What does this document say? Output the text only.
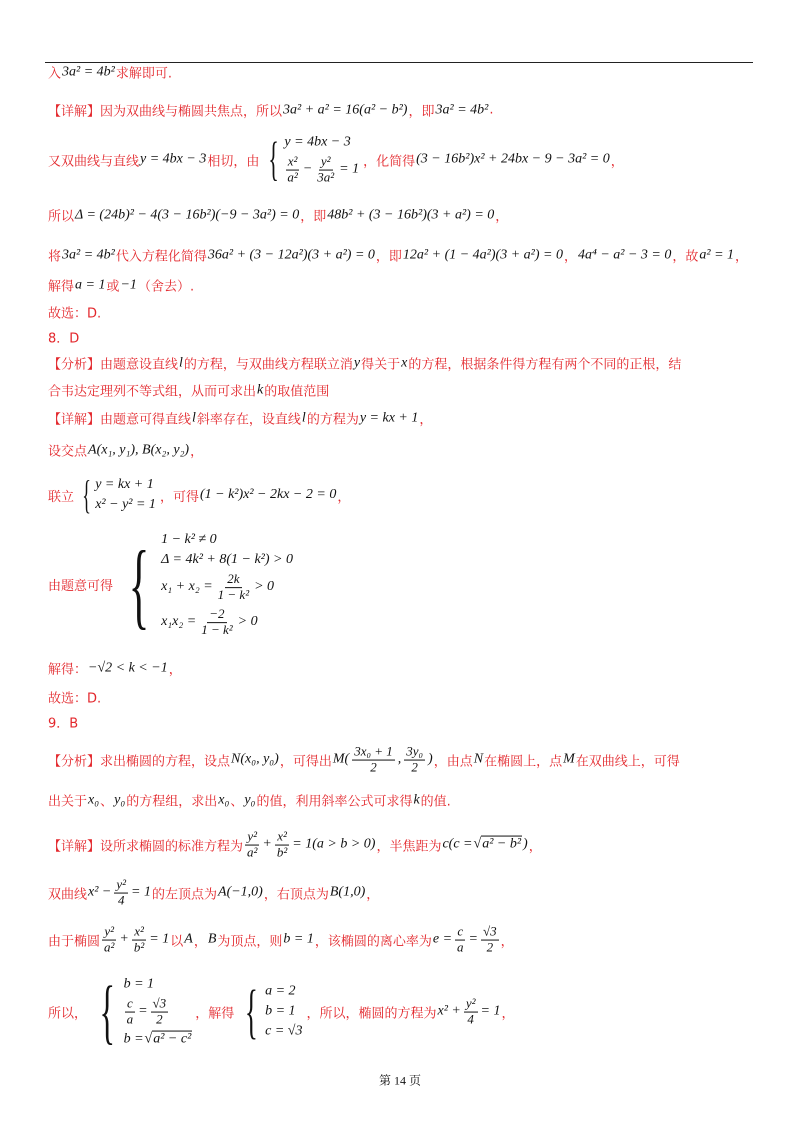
入 3a² = 4b² 求解即可.
【详解】因为双曲线与椭圆共焦点，所以 3a² + a² = 16(a² − b²) ，即 3a² = 4b² .
又双曲线与直线 y = 4bx − 3 相切，由 { y = 4bx − 3
$\frac{\text{x²}}{\text{a²}} - \frac{\text{y²}}{\text{3a²}} = 1$ ，化简得 (3 − 16b²)x² + 24bx − 9 − 3a² = 0 ，
所以 Δ = (24b)² − 4(3 − 16b²)(−9 − 3a²) = 0 ，即 48b² + (3 − 16b²)(3 + a²) = 0 ，
将 3a² = 4b² 代入方程化简得 36a² + (3 − 12a²)(3 + a²) = 0 ，即 12a² + (1 − 4a²)(3 + a²) = 0 ， 4a⁴ − a² − 3 = 0 ，故 a² = 1 ，
解得 a = 1 或 −1 （舍去）.
故选：D.
8．D
【分析】由题意设直线 l 的方程，与双曲线方程联立消 y 得关于 x 的方程，根据条件得方程有两个不同的正根，结
合韦达定理列不等式组，从而可求出 k 的取值范围
【详解】由题意可得直线 l 斜率存在，设直线 l 的方程为 y = kx + 1 ，
设交点 A(x₁, y₁), B(x₂, y₂) ，
联立 { y = kx + 1
x² − y² = 1 ，可得 (1 − k²)x² − 2kx − 2 = 0 ，
由题意可得 { 1 − k² ≠ 0
Δ = 4k² + 8(1 − k²) > 0
$x_1 + x_2 = \frac{2k}{\text{1 − k²}} > 0$
$x_1x_2 = \frac{-2}{\text{1 − k²}} > 0$
解得： −√2 < k < −1 ，
故选：D.
9．B
【分析】求出椭圆的方程，设点 N(x₀, y₀) ，可得出 $M( \frac{\text{3x₀ + 1}}{2}$ , $\frac{\text{3y₀}}{2}$ ) ，由点 N 在椭圆上，点 M 在双曲线上，可得
出关于 x₀ 、 y₀ 的方程组，求出 x₀ 、 y₀ 的值，利用斜率公式可求得 k 的值.
【详解】设所求椭圆的标准方程为 $\frac{\text{y²}}{\text{a²}} + \frac{\text{x²}}{\text{b²}} = 1(a > b > 0)$ ，半焦距为 c(c = √a² − b² ) ，
双曲线 $x^2 - \frac{\text{y²}}{4} = 1$ 的左顶点为 A(−1,0) ，右顶点为 B(1,0) ，
由于椭圆 $\frac{\text{y²}}{\text{a²}} + \frac{\text{x²}}{\text{b²}} = 1$ 以 A ， B 为顶点，则 b = 1 ，该椭圆的离心率为 $e = \frac{c}{a} = \frac{√3}{2}$ ，
所以， { b = 1
$\frac{c}{a} = \frac{√3}{2}$
b = √a² − c²
，解得 { a = 2
b = 1
c = √3
，所以，椭圆的方程为 $x^2 + \frac{\text{y²}}{4} = 1$ ，
第 14 页
